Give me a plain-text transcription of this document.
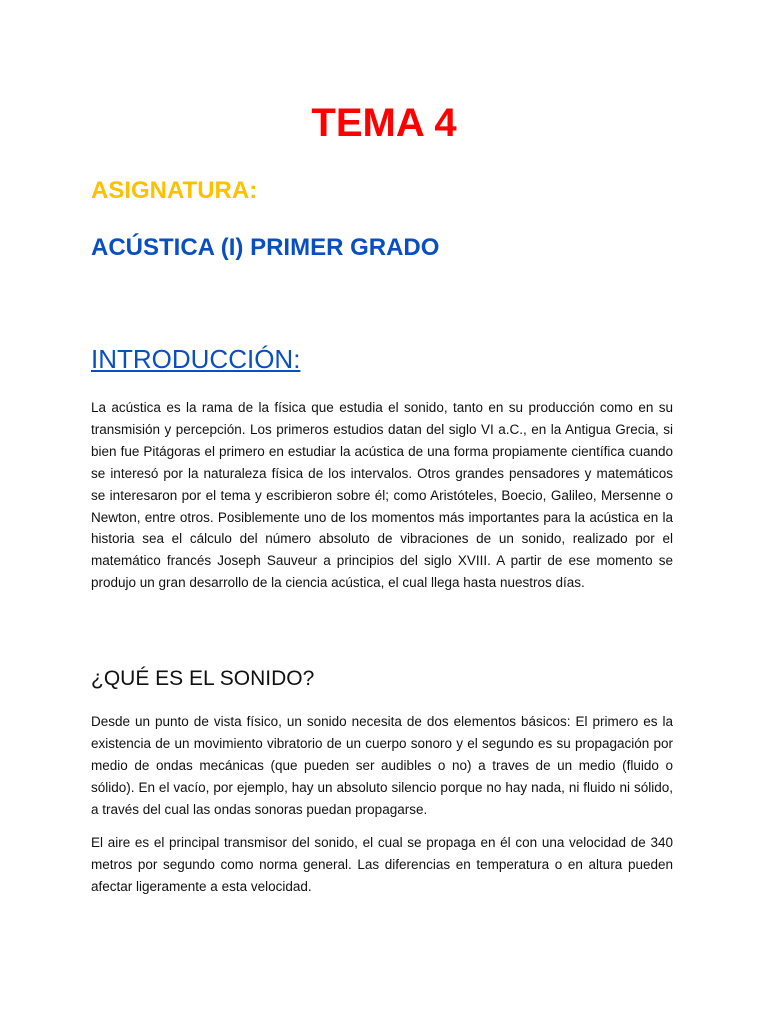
TEMA 4
ASIGNATURA:
ACÚSTICA (I) PRIMER GRADO
INTRODUCCIÓN:

La acústica es la rama de la física que estudia el sonido, tanto en su producción como en su transmisión y percepción. Los primeros estudios datan del siglo VI a.C., en la Antigua Grecia, si bien fue Pitágoras el primero en estudiar la acústica de una forma propiamente científica cuando se interesó por la naturaleza física de los intervalos. Otros grandes pensadores y matemáticos se interesaron por el tema y escribieron sobre él; como Aristóteles, Boecio, Galileo, Mersenne o Newton, entre otros. Posiblemente uno de los momentos más importantes para la acústica en la historia sea el cálculo del número absoluto de vibraciones de un sonido, realizado por el matemático francés Joseph Sauveur a principios del siglo XVIII. A partir de ese momento se produjo un gran desarrollo de la ciencia acústica, el cual llega hasta nuestros días.

¿QUÉ ES EL SONIDO?

Desde un punto de vista físico, un sonido necesita de dos elementos básicos: El primero es la existencia de un movimiento vibratorio de un cuerpo sonoro y el segundo es su propagación por medio de ondas mecánicas (que pueden ser audibles o no) a traves de un medio (fluido o sólido). En el vacío, por ejemplo, hay un absoluto silencio porque no hay nada, ni fluido ni sólido, a través del cual las ondas sonoras puedan propagarse.

El aire es el principal transmisor del sonido, el cual se propaga en él con una velocidad de 340 metros por segundo como norma general. Las diferencias en temperatura o en altura pueden afectar ligeramente a esta velocidad.
